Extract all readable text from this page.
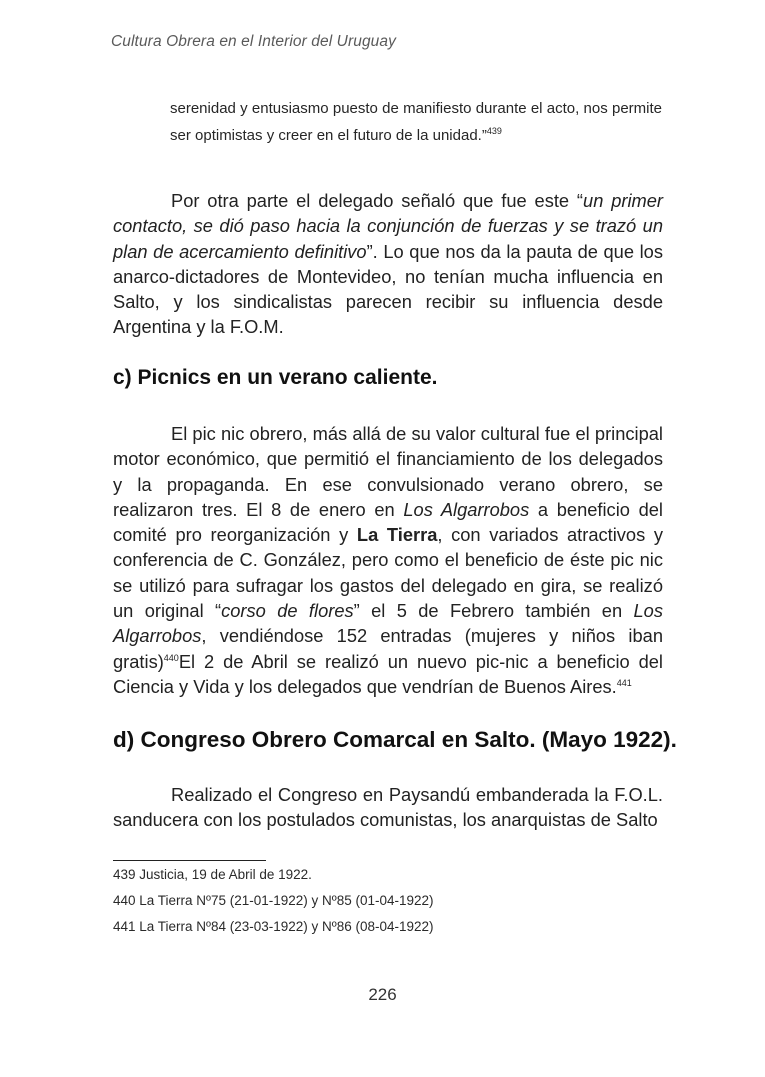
Cultura Obrera en el Interior del Uruguay
serenidad y entusiasmo puesto de manifiesto durante el acto, nos permite ser optimistas y creer en el futuro de la unidad.”$^{439}$

Por otra parte el delegado señaló que fue este “un primer contacto, se dió paso hacia la conjunción de fuerzas y se trazó un plan de acercamiento definitivo”. Lo que nos da la pauta de que los anarco-dictadores de Montevideo, no tenían mucha influencia en Salto, y los sindicalistas parecen recibir su influencia desde Argentina y la F.O.M.

c) Picnics en un verano caliente.

El pic nic obrero, más allá de su valor cultural fue el principal motor económico, que permitió el financiamiento de los delegados y la propaganda. En ese convulsionado verano obrero, se realizaron tres. El 8 de enero en Los Algarrobos a beneficio del comité pro reorganización y La Tierra, con variados atractivos y conferencia de C. González, pero como el beneficio de éste pic nic se utilizó para sufragar los gastos del delegado en gira, se realizó un original “corso de flores” el 5 de Febrero también en Los Algarrobos, vendiéndose 152 entradas (mujeres y niños iban gratis)$^{440}$El 2 de Abril se realizó un nuevo pic-nic a beneficio del Ciencia y Vida y los delegados que vendrían de Buenos Aires.$^{441}$

d) Congreso Obrero Comarcal en Salto. (Mayo 1922).

Realizado el Congreso en Paysandú embanderada la F.O.L. sanducera con los postulados comunistas, los anarquistas de Salto

439 Justicia, 19 de Abril de 1922.
440 La Tierra Nº75 (21-01-1922) y Nº85 (01-04-1922)
441 La Tierra Nº84 (23-03-1922) y Nº86 (08-04-1922)
226
